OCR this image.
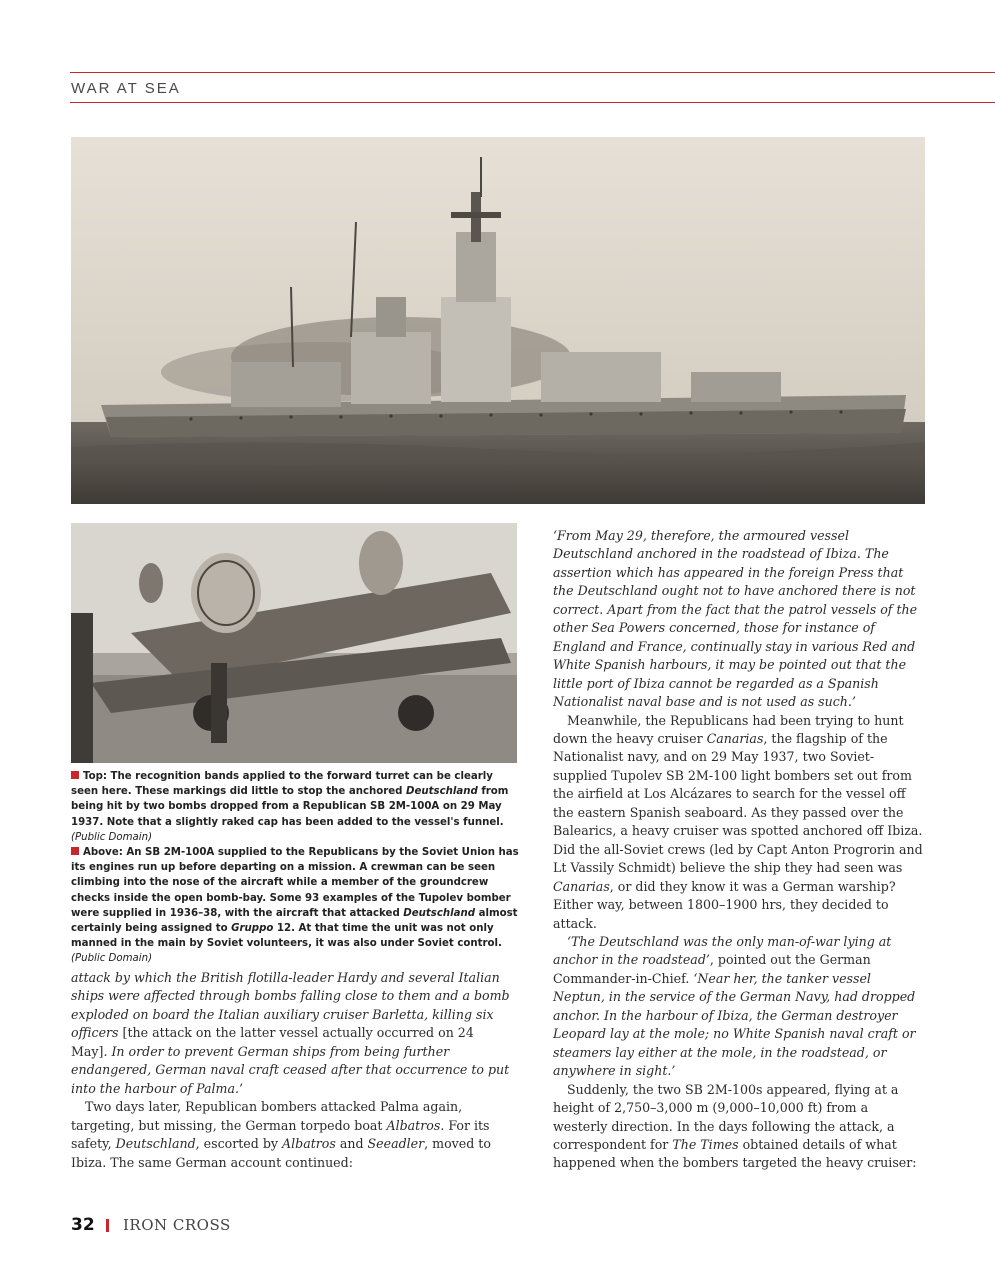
WAR AT SEA

Top: The recognition bands applied to the forward turret can be clearly seen here. These markings did little to stop the anchored Deutschland from being hit by two bombs dropped from a Republican SB 2M-100A on 29 May 1937. Note that a slightly raked cap has been added to the vessel's funnel. (Public Domain)

Above: An SB 2M-100A supplied to the Republicans by the Soviet Union has its engines run up before departing on a mission. A crewman can be seen climbing into the nose of the aircraft while a member of the groundcrew checks inside the open bomb-bay. Some 93 examples of the Tupolev bomber were supplied in 1936–38, with the aircraft that attacked Deutschland almost certainly being assigned to Gruppo 12. At that time the unit was not only manned in the main by Soviet volunteers, it was also under Soviet control. (Public Domain)

attack by which the British flotilla-leader Hardy and several Italian ships were affected through bombs falling close to them and a bomb exploded on board the Italian auxiliary cruiser Barletta, killing six officers [the attack on the latter vessel actually occurred on 24 May]. In order to prevent German ships from being further endangered, German naval craft ceased after that occurrence to put into the harbour of Palma.’

Two days later, Republican bombers attacked Palma again, targeting, but missing, the German torpedo boat Albatros. For its safety, Deutschland, escorted by Albatros and Seeadler, moved to Ibiza. The same German account continued:

‘From May 29, therefore, the armoured vessel Deutschland anchored in the roadstead of Ibiza. The assertion which has appeared in the foreign Press that the Deutschland ought not to have anchored there is not correct. Apart from the fact that the patrol vessels of the other Sea Powers concerned, those for instance of England and France, continually stay in various Red and White Spanish harbours, it may be pointed out that the little port of Ibiza cannot be regarded as a Spanish Nationalist naval base and is not used as such.’

Meanwhile, the Republicans had been trying to hunt down the heavy cruiser Canarias, the flagship of the Nationalist navy, and on 29 May 1937, two Soviet-supplied Tupolev SB 2M-100 light bombers set out from the airfield at Los Alcázares to search for the vessel off the eastern Spanish seaboard. As they passed over the Balearics, a heavy cruiser was spotted anchored off Ibiza. Did the all-Soviet crews (led by Capt Anton Progrorin and Lt Vassily Schmidt) believe the ship they had seen was Canarias, or did they know it was a German warship? Either way, between 1800–1900 hrs, they decided to attack.

‘The Deutschland was the only man-of-war lying at anchor in the roadstead’, pointed out the German Commander-in-Chief. ‘Near her, the tanker vessel Neptun, in the service of the German Navy, had dropped anchor. In the harbour of Ibiza, the German destroyer Leopard lay at the mole; no White Spanish naval craft or steamers lay either at the mole, in the roadstead, or anywhere in sight.’

Suddenly, the two SB 2M-100s appeared, flying at a height of 2,750–3,000 m (9,000–10,000 ft) from a westerly direction. In the days following the attack, a correspondent for The Times obtained details of what happened when the bombers targeted the heavy cruiser:

32 IRON CROSS
